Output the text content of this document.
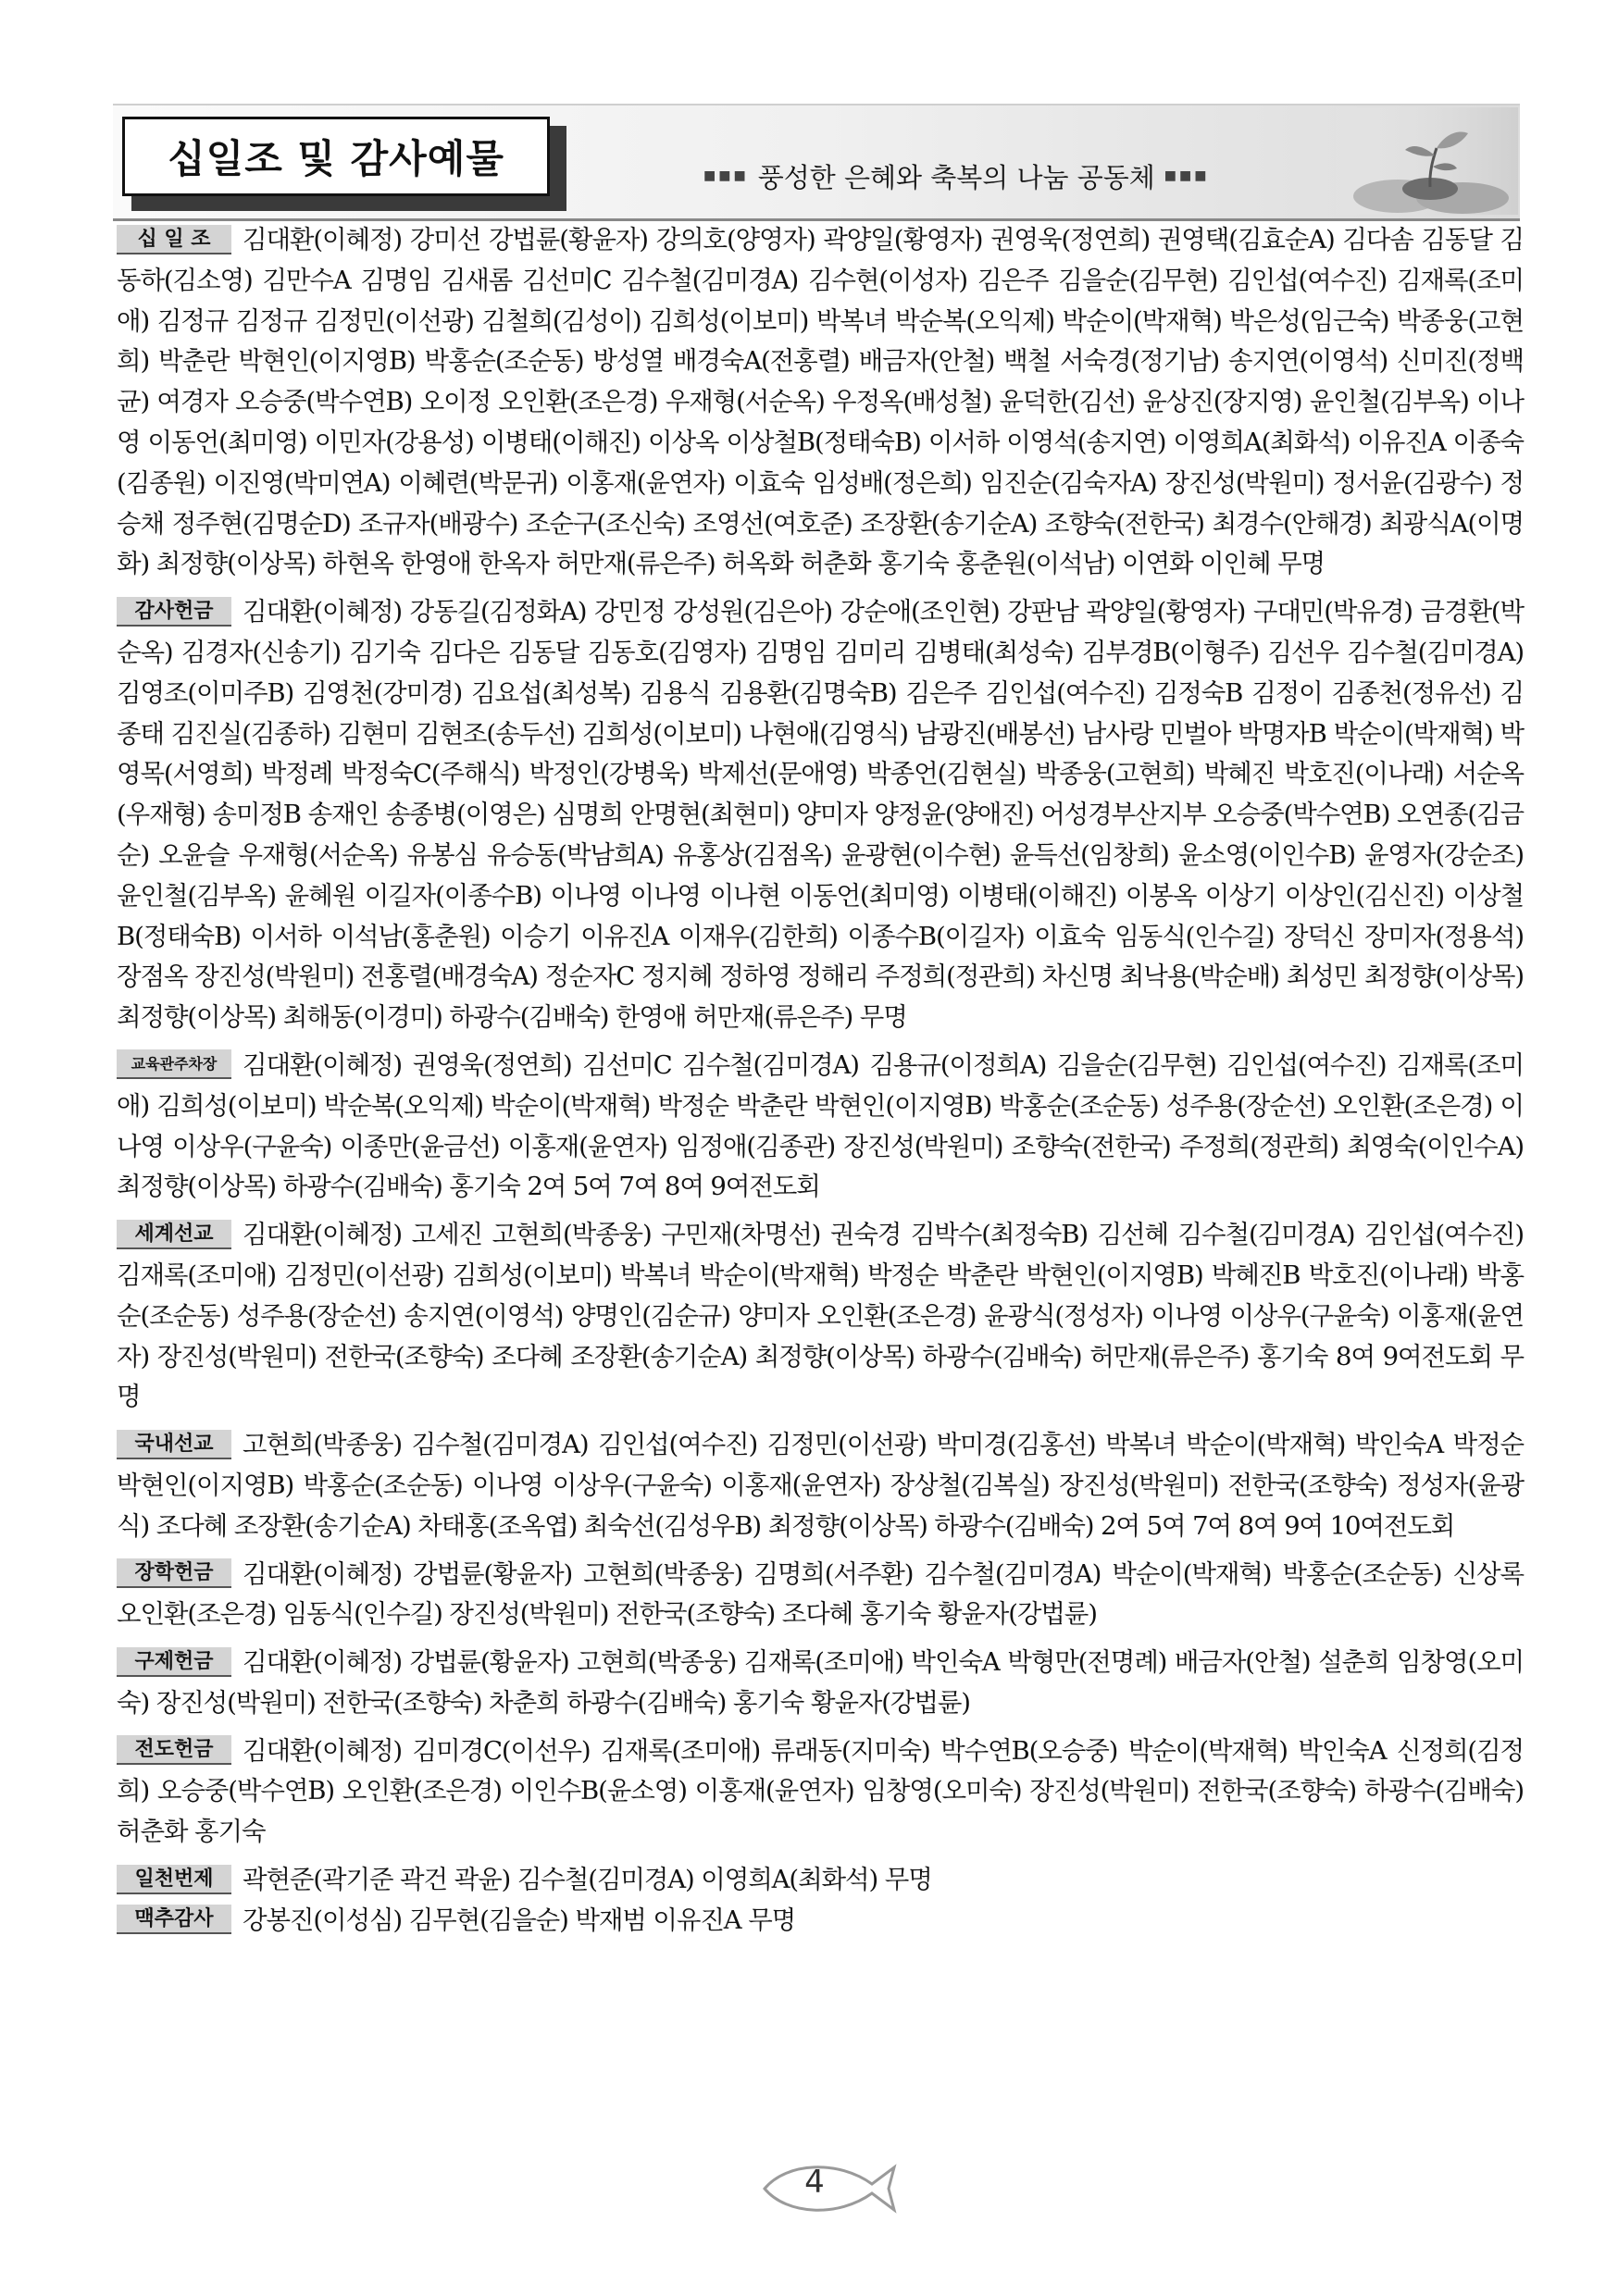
십일조 및 감사예물	■■■ 풍성한 은혜와 축복의 나눔 공동체 ■■■

십 일 조 김대환(이혜정) 강미선 강법륜(황윤자) 강의호(양영자) 곽양일(황영자) 권영욱(정연희) 권영택(김효순A) 김다솜 김동달 김동하(김소영) 김만수A 김명임 김새롬 김선미C 김수철(김미경A) 김수현(이성자) 김은주 김을순(김무현) 김인섭(여수진) 김재록(조미애) 김정규 김정규 김정민(이선광) 김철희(김성이) 김희성(이보미) 박복녀 박순복(오익제) 박순이(박재혁) 박은성(임근숙) 박종웅(고현희) 박춘란 박현인(이지영B) 박홍순(조순동) 방성열 배경숙A(전홍렬) 배금자(안철) 백철 서숙경(정기남) 송지연(이영석) 신미진(정백균) 여경자 오승중(박수연B) 오이정 오인환(조은경) 우재형(서순옥) 우정옥(배성철) 윤덕한(김선) 윤상진(장지영) 윤인철(김부옥) 이나영 이동언(최미영) 이민자(강용성) 이병태(이해진) 이상옥 이상철B(정태숙B) 이서하 이영석(송지연) 이영희A(최화석) 이유진A 이종숙(김종원) 이진영(박미연A) 이혜련(박문귀) 이홍재(윤연자) 이효숙 임성배(정은희) 임진순(김숙자A) 장진성(박원미) 정서윤(김광수) 정승채 정주현(김명순D) 조규자(배광수) 조순구(조신숙) 조영선(여호준) 조장환(송기순A) 조향숙(전한국) 최경수(안해경) 최광식A(이명화) 최정향(이상목) 하현옥 한영애 한옥자 허만재(류은주) 허옥화 허춘화 홍기숙 홍춘원(이석남) 이연화 이인혜 무명

감사헌금 김대환(이혜정) 강동길(김정화A) 강민정 강성원(김은아) 강순애(조인현) 강판남 곽양일(황영자) 구대민(박유경) 금경환(박순옥) 김경자(신송기) 김기숙 김다은 김동달 김동호(김영자) 김명임 김미리 김병태(최성숙) 김부경B(이형주) 김선우 김수철(김미경A) 김영조(이미주B) 김영천(강미경) 김요섭(최성복) 김용식 김용환(김명숙B) 김은주 김인섭(여수진) 김정숙B 김정이 김종천(정유선) 김종태 김진실(김종하) 김현미 김현조(송두선) 김희성(이보미) 나현애(김영식) 남광진(배봉선) 남사랑 민벌아 박명자B 박순이(박재혁) 박영목(서영희) 박정례 박정숙C(주해식) 박정인(강병욱) 박제선(문애영) 박종언(김현실) 박종웅(고현희) 박혜진 박호진(이나래) 서순옥(우재형) 송미정B 송재인 송종병(이영은) 심명희 안명현(최현미) 양미자 양정윤(양애진) 어성경부산지부 오승중(박수연B) 오연종(김금순) 오윤슬 우재형(서순옥) 유봉심 유승동(박남희A) 유홍상(김점옥) 윤광현(이수현) 윤득선(임창희) 윤소영(이인수B) 윤영자(강순조) 윤인철(김부옥) 윤혜원 이길자(이종수B) 이나영 이나영 이나현 이동언(최미영) 이병태(이해진) 이봉옥 이상기 이상인(김신진) 이상철B(정태숙B) 이서하 이석남(홍춘원) 이승기 이유진A 이재우(김한희) 이종수B(이길자) 이효숙 임동식(인수길) 장덕신 장미자(정용석) 장점옥 장진성(박원미) 전홍렬(배경숙A) 정순자C 정지혜 정하영 정해리 주정희(정관희) 차신명 최낙용(박순배) 최성민 최정향(이상목) 최정향(이상목) 최해동(이경미) 하광수(김배숙) 한영애 허만재(류은주) 무명

교육관주차장 김대환(이혜정) 권영욱(정연희) 김선미C 김수철(김미경A) 김용규(이정희A) 김을순(김무현) 김인섭(여수진) 김재록(조미애) 김희성(이보미) 박순복(오익제) 박순이(박재혁) 박정순 박춘란 박현인(이지영B) 박홍순(조순동) 성주용(장순선) 오인환(조은경) 이나영 이상우(구윤숙) 이종만(윤금선) 이홍재(윤연자) 임정애(김종관) 장진성(박원미) 조향숙(전한국) 주정희(정관희) 최영숙(이인수A) 최정향(이상목) 하광수(김배숙) 홍기숙 2여 5여 7여 8여 9여전도회

세계선교 김대환(이혜정) 고세진 고현희(박종웅) 구민재(차명선) 권숙경 김박수(최정숙B) 김선혜 김수철(김미경A) 김인섭(여수진) 김재록(조미애) 김정민(이선광) 김희성(이보미) 박복녀 박순이(박재혁) 박정순 박춘란 박현인(이지영B) 박혜진B 박호진(이나래) 박홍순(조순동) 성주용(장순선) 송지연(이영석) 양명인(김순규) 양미자 오인환(조은경) 윤광식(정성자) 이나영 이상우(구윤숙) 이홍재(윤연자) 장진성(박원미) 전한국(조향숙) 조다혜 조장환(송기순A) 최정향(이상목) 하광수(김배숙) 허만재(류은주) 홍기숙 8여 9여전도회 무명

국내선교 고현희(박종웅) 김수철(김미경A) 김인섭(여수진) 김정민(이선광) 박미경(김홍선) 박복녀 박순이(박재혁) 박인숙A 박정순 박현인(이지영B) 박홍순(조순동) 이나영 이상우(구윤숙) 이홍재(윤연자) 장상철(김복실) 장진성(박원미) 전한국(조향숙) 정성자(윤광식) 조다혜 조장환(송기순A) 차태홍(조옥엽) 최숙선(김성우B) 최정향(이상목) 하광수(김배숙) 2여 5여 7여 8여 9여 10여전도회

장학헌금 김대환(이혜정) 강법륜(황윤자) 고현희(박종웅) 김명희(서주환) 김수철(김미경A) 박순이(박재혁) 박홍순(조순동) 신상록 오인환(조은경) 임동식(인수길) 장진성(박원미) 전한국(조향숙) 조다혜 홍기숙 황윤자(강법륜)

구제헌금 김대환(이혜정) 강법륜(황윤자) 고현희(박종웅) 김재록(조미애) 박인숙A 박형만(전명례) 배금자(안철) 설춘희 임창영(오미숙) 장진성(박원미) 전한국(조향숙) 차춘희 하광수(김배숙) 홍기숙 황윤자(강법륜)

전도헌금 김대환(이혜정) 김미경C(이선우) 김재록(조미애) 류래동(지미숙) 박수연B(오승중) 박순이(박재혁) 박인숙A 신정희(김정희) 오승중(박수연B) 오인환(조은경) 이인수B(윤소영) 이홍재(윤연자) 임창영(오미숙) 장진성(박원미) 전한국(조향숙) 하광수(김배숙) 허춘화 홍기숙

일천번제 곽현준(곽기준 곽건 곽윤) 김수철(김미경A) 이영희A(최화석) 무명

맥추감사 강봉진(이성심) 김무현(김을순) 박재범 이유진A 무명

4
